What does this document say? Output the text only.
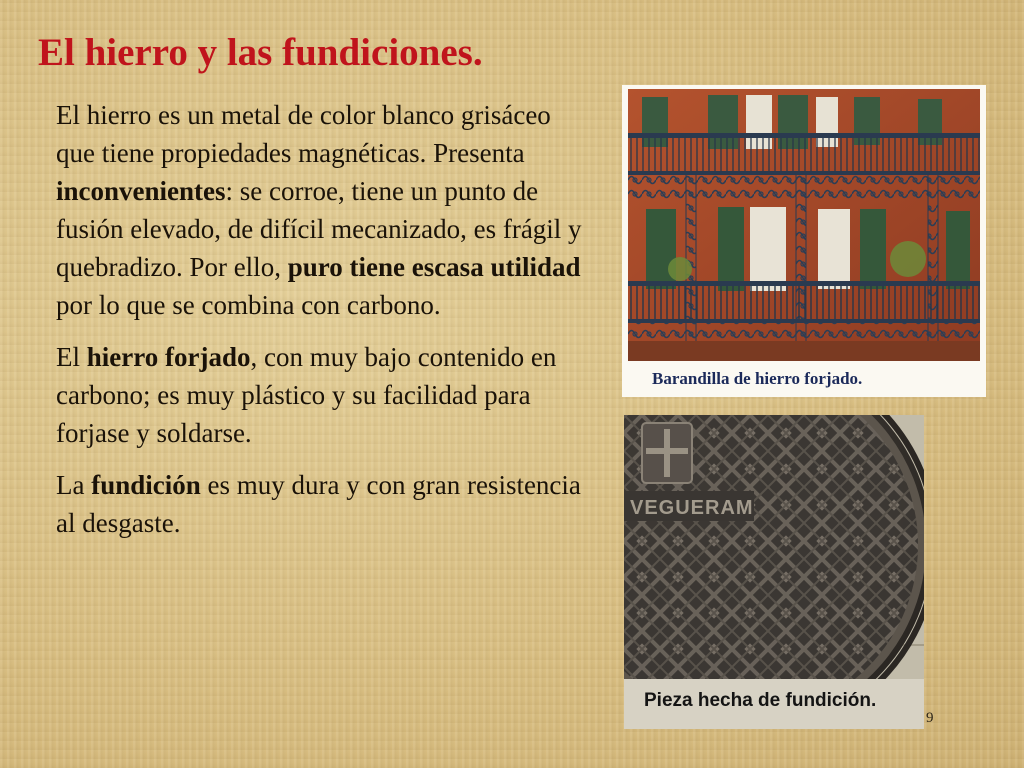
El hierro y las fundiciones.

El hierro es un metal de color blanco grisáceo que tiene propiedades magnéticas. Presenta inconvenientes: se corroe, tiene un punto de fusión elevado, de difícil mecanizado, es frágil y quebradizo. Por ello, puro tiene escasa utilidad por lo que se combina con carbono.

El hierro forjado, con muy bajo contenido en carbono; es muy plástico y su facilidad para forjase y soldarse.

La fundición es muy dura y con gran resistencia al desgaste.

Barandilla de hierro forjado.
VEGUERAM
Pieza hecha de fundición.
9
